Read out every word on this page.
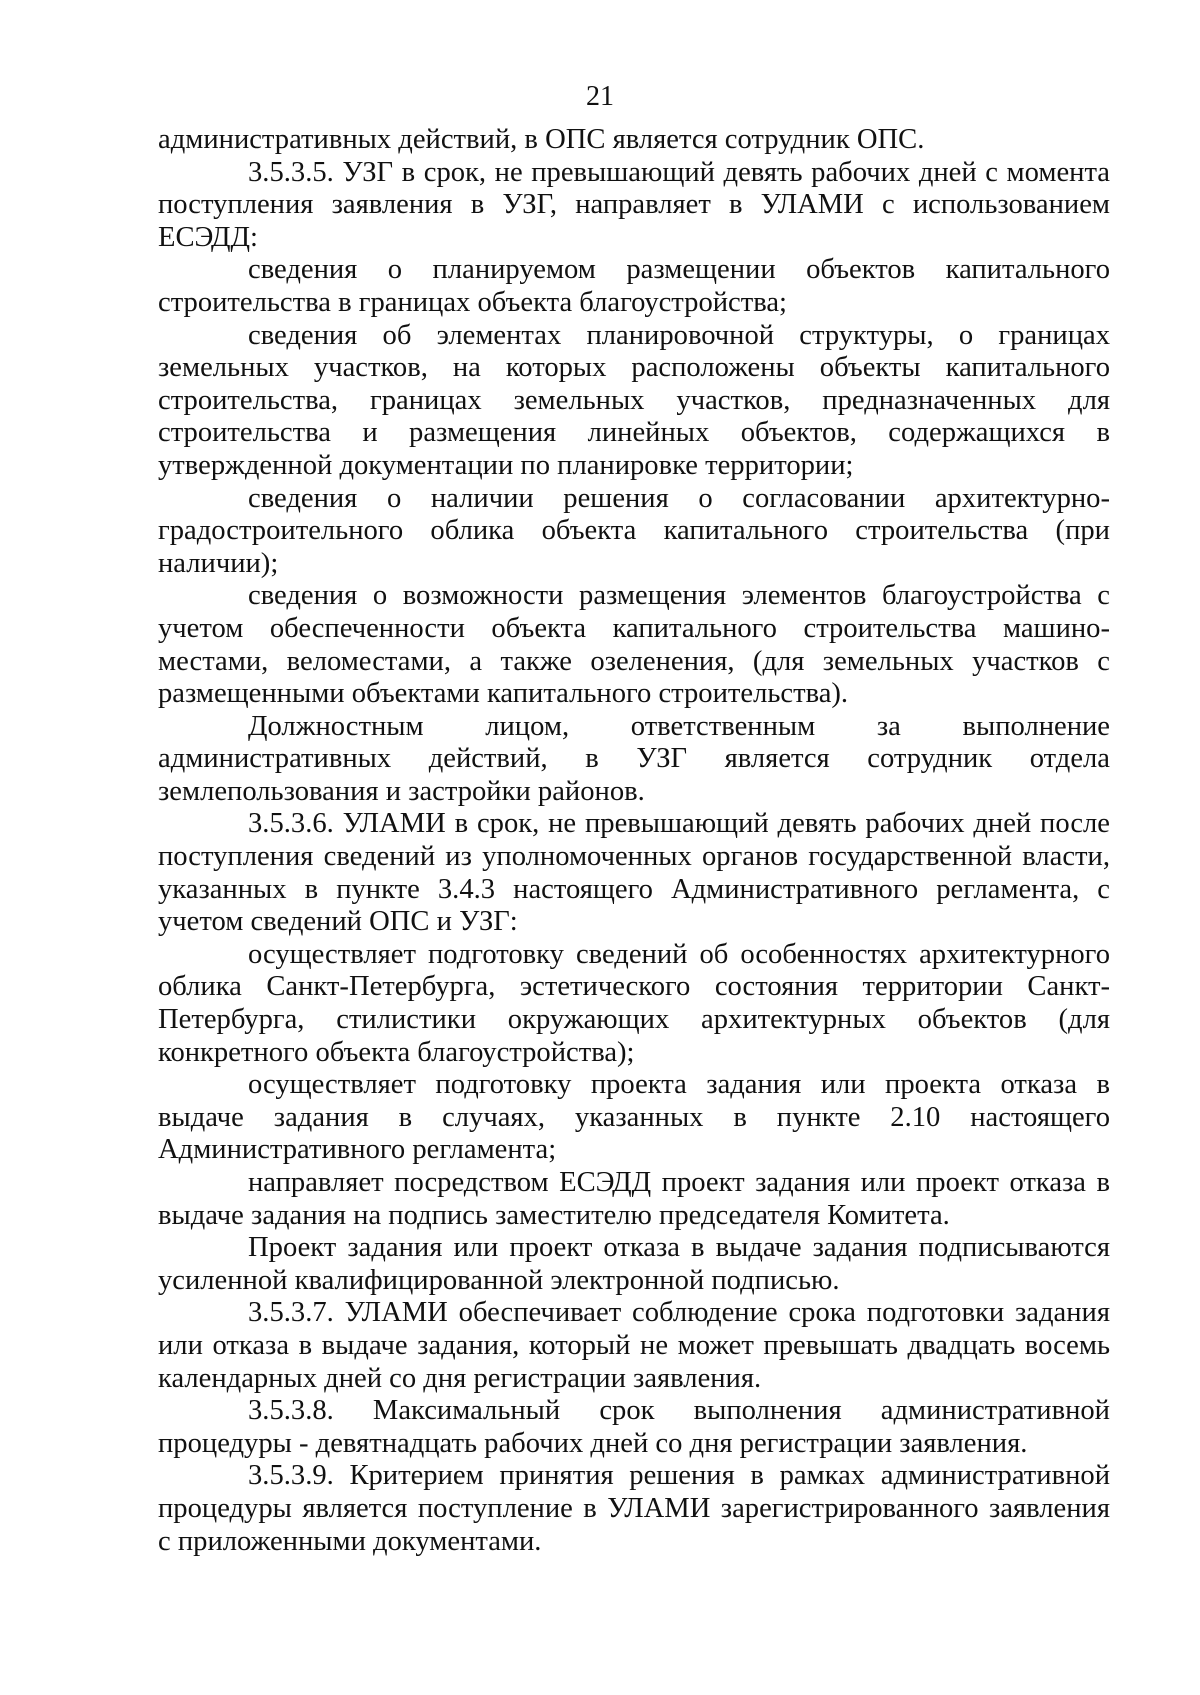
21

административных действий, в ОПС является сотрудник ОПС.

3.5.3.5. УЗГ в срок, не превышающий девять рабочих дней с момента поступления заявления в УЗГ, направляет в УЛАМИ с использованием ЕСЭДД:

сведения о планируемом размещении объектов капитального строительства в границах объекта благоустройства;

сведения об элементах планировочной структуры, о границах земельных участков, на которых расположены объекты капитального строительства, границах земельных участков, предназначенных для строительства и размещения линейных объектов, содержащихся в утвержденной документации по планировке территории;

сведения о наличии решения о согласовании архитектурно-градостроительного облика объекта капитального строительства (при наличии);

сведения о возможности размещения элементов благоустройства с учетом обеспеченности объекта капитального строительства машино-местами, веломестами, а также озеленения, (для земельных участков с размещенными объектами капитального строительства).

Должностным лицом, ответственным за выполнение административных действий, в УЗГ является сотрудник отдела землепользования и застройки районов.

3.5.3.6. УЛАМИ в срок, не превышающий девять рабочих дней после поступления сведений из уполномоченных органов государственной власти, указанных в пункте 3.4.3 настоящего Административного регламента, с учетом сведений ОПС и УЗГ:

осуществляет подготовку сведений об особенностях архитектурного облика Санкт-Петербурга, эстетического состояния территории Санкт-Петербурга, стилистики окружающих архитектурных объектов (для конкретного объекта благоустройства);

осуществляет подготовку проекта задания или проекта отказа в выдаче задания в случаях, указанных в пункте 2.10 настоящего Административного регламента;

направляет посредством ЕСЭДД проект задания или проект отказа в выдаче задания на подпись заместителю председателя Комитета.

Проект задания или проект отказа в выдаче задания подписываются усиленной квалифицированной электронной подписью.

3.5.3.7. УЛАМИ обеспечивает соблюдение срока подготовки задания или отказа в выдаче задания, который не может превышать двадцать восемь календарных дней со дня регистрации заявления.

3.5.3.8. Максимальный срок выполнения административной процедуры - девятнадцать рабочих дней со дня регистрации заявления.

3.5.3.9. Критерием принятия решения в рамках административной процедуры является поступление в УЛАМИ зарегистрированного заявления с приложенными документами.
